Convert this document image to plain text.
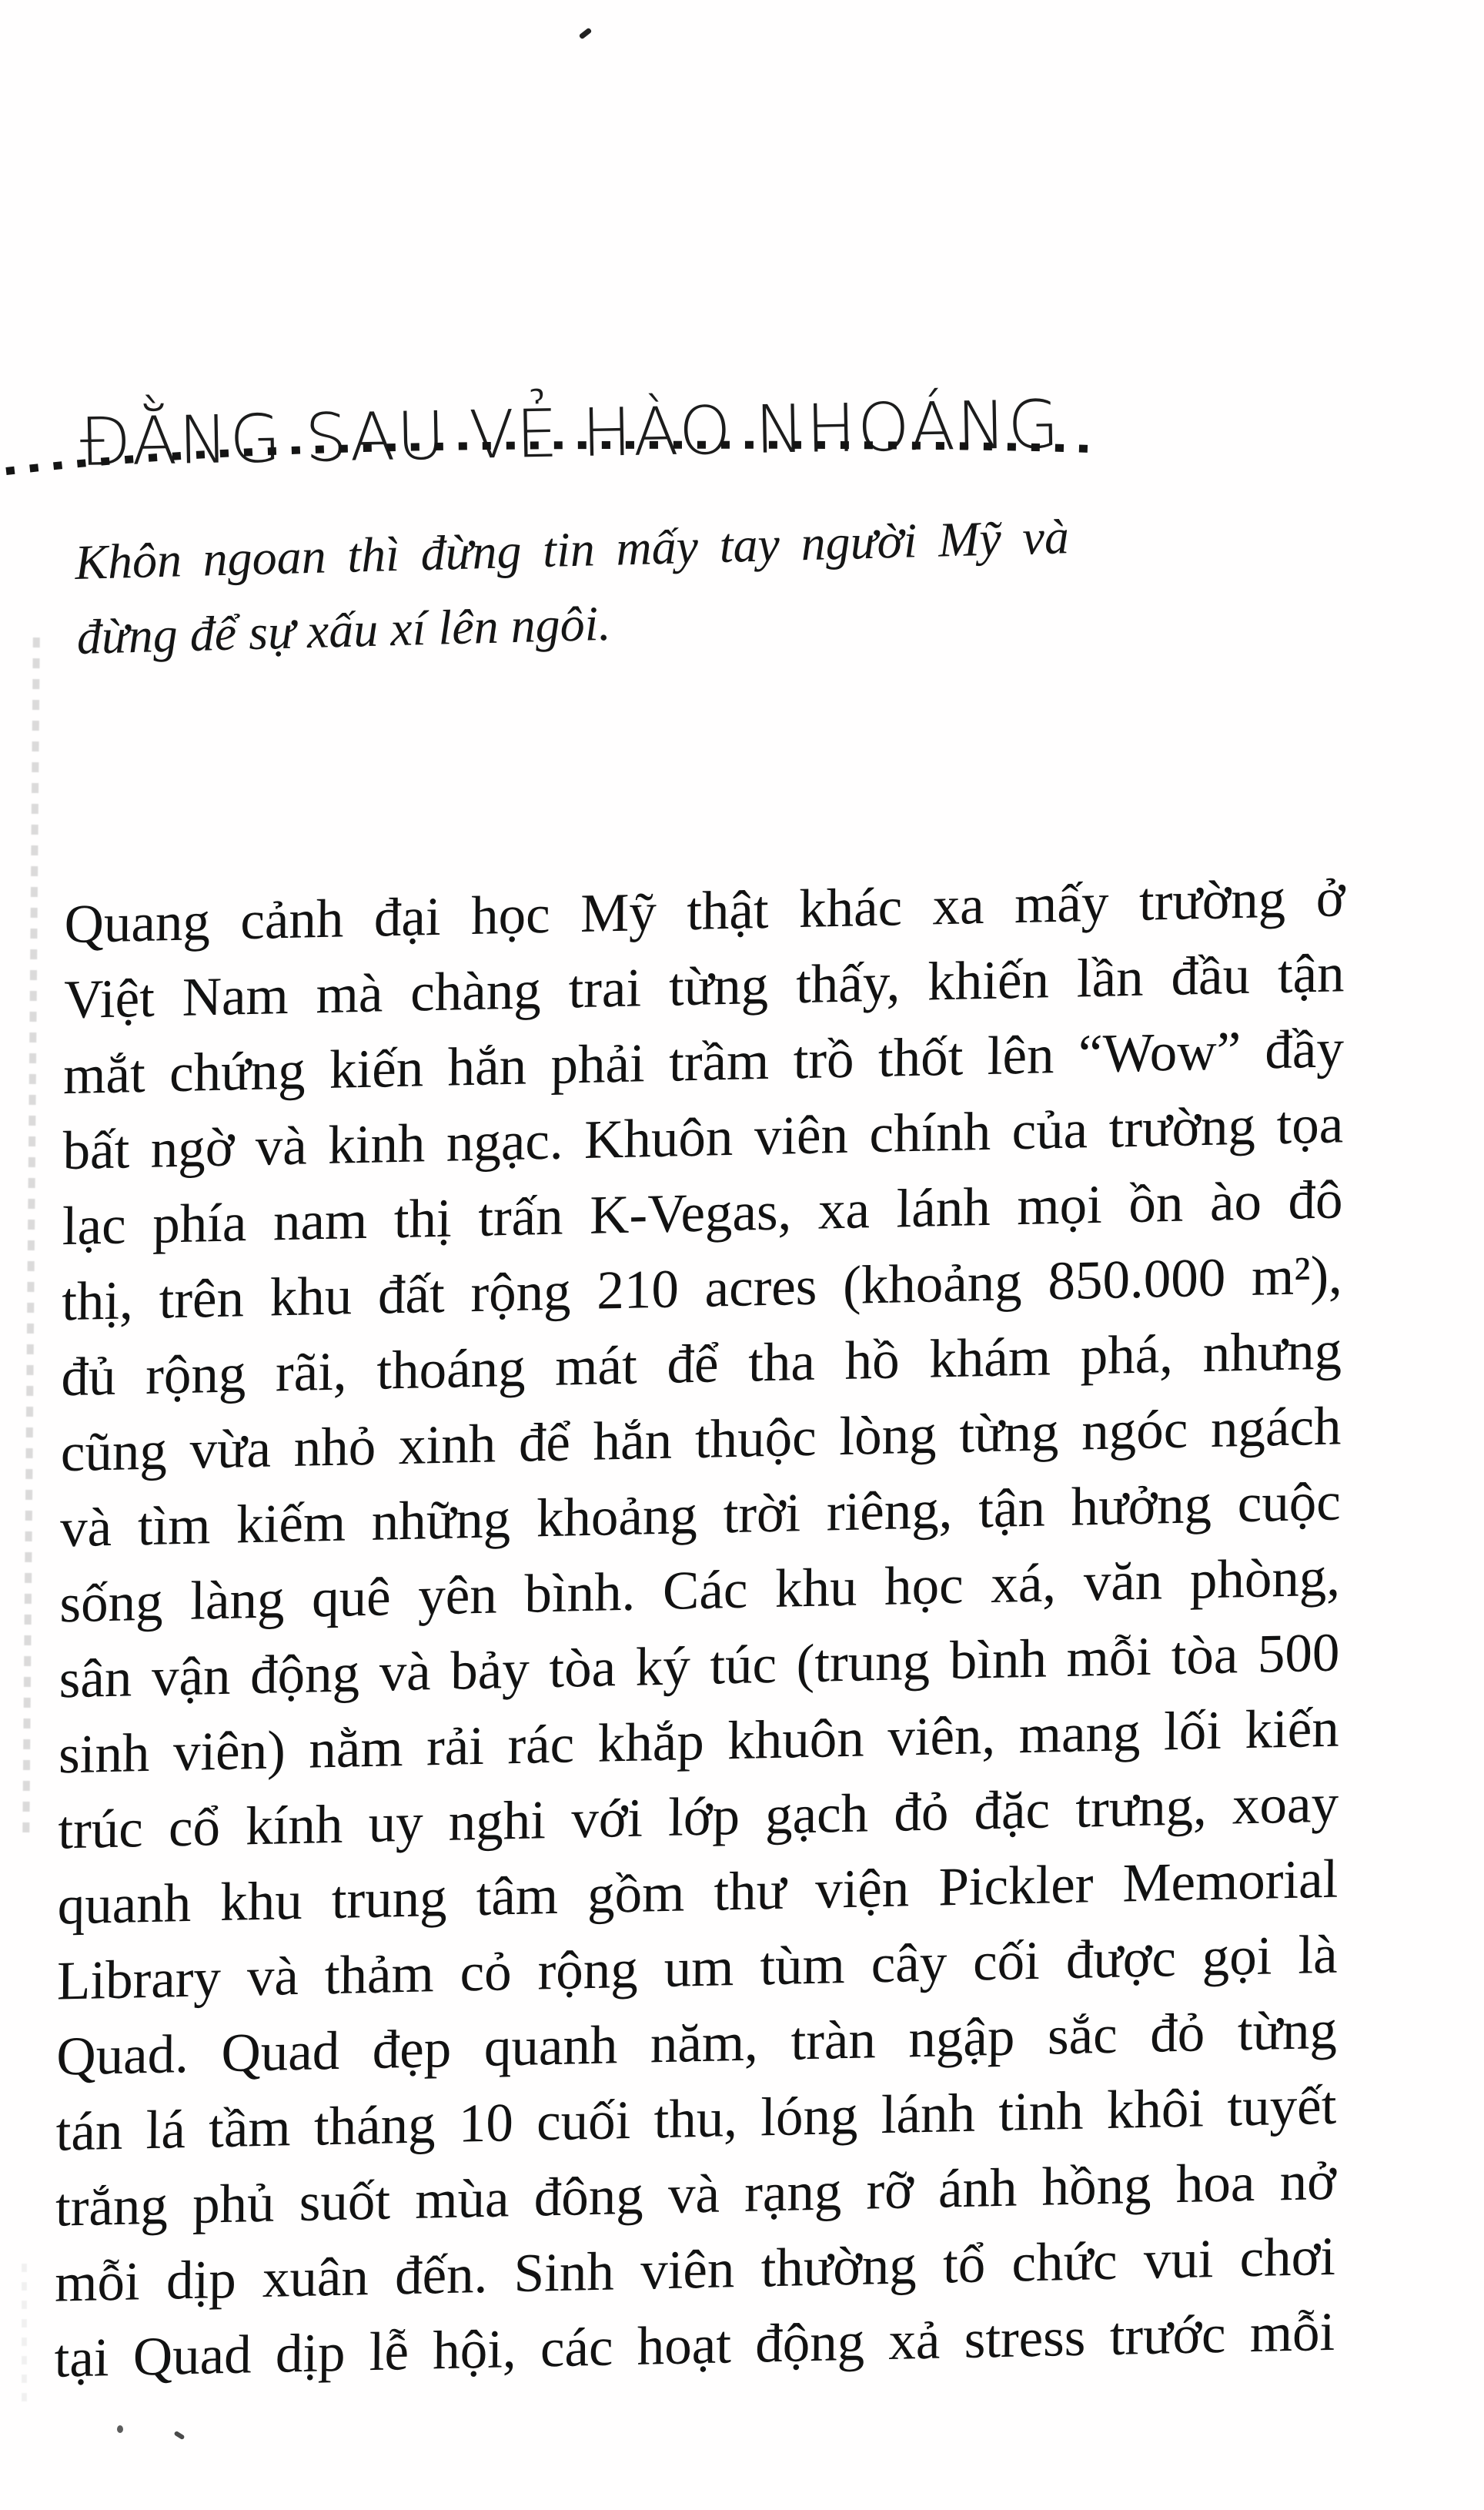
ĐẰNG SAU VẺ HÀO NHOÁNG
Khôn ngoan thì đừng tin mấy tay người Mỹ và
đừng để sự xấu xí lên ngôi.
Quang cảnh đại học Mỹ thật khác xa mấy trường ở
Việt Nam mà chàng trai từng thấy, khiến lần đầu tận
mắt chứng kiến hắn phải trầm trồ thốt lên “Wow” đầy
bất ngờ và kinh ngạc. Khuôn viên chính của trường tọa
lạc phía nam thị trấn K-Vegas, xa lánh mọi ồn ào đô
thị, trên khu đất rộng 210 acres (khoảng 850.000 m²),
đủ rộng rãi, thoáng mát để tha hồ khám phá, nhưng
cũng vừa nhỏ xinh để hắn thuộc lòng từng ngóc ngách
và tìm kiếm những khoảng trời riêng, tận hưởng cuộc
sống làng quê yên bình. Các khu học xá, văn phòng,
sân vận động và bảy tòa ký túc (trung bình mỗi tòa 500
sinh viên) nằm rải rác khắp khuôn viên, mang lối kiến
trúc cổ kính uy nghi với lớp gạch đỏ đặc trưng, xoay
quanh khu trung tâm gồm thư viện Pickler Memorial
Library và thảm cỏ rộng um tùm cây cối được gọi là
Quad. Quad đẹp quanh năm, tràn ngập sắc đỏ từng
tán lá tầm tháng 10 cuối thu, lóng lánh tinh khôi tuyết
trắng phủ suốt mùa đông và rạng rỡ ánh hồng hoa nở
mỗi dịp xuân đến. Sinh viên thường tổ chức vui chơi
tại Quad dịp lễ hội, các hoạt động xả stress trước mỗi
